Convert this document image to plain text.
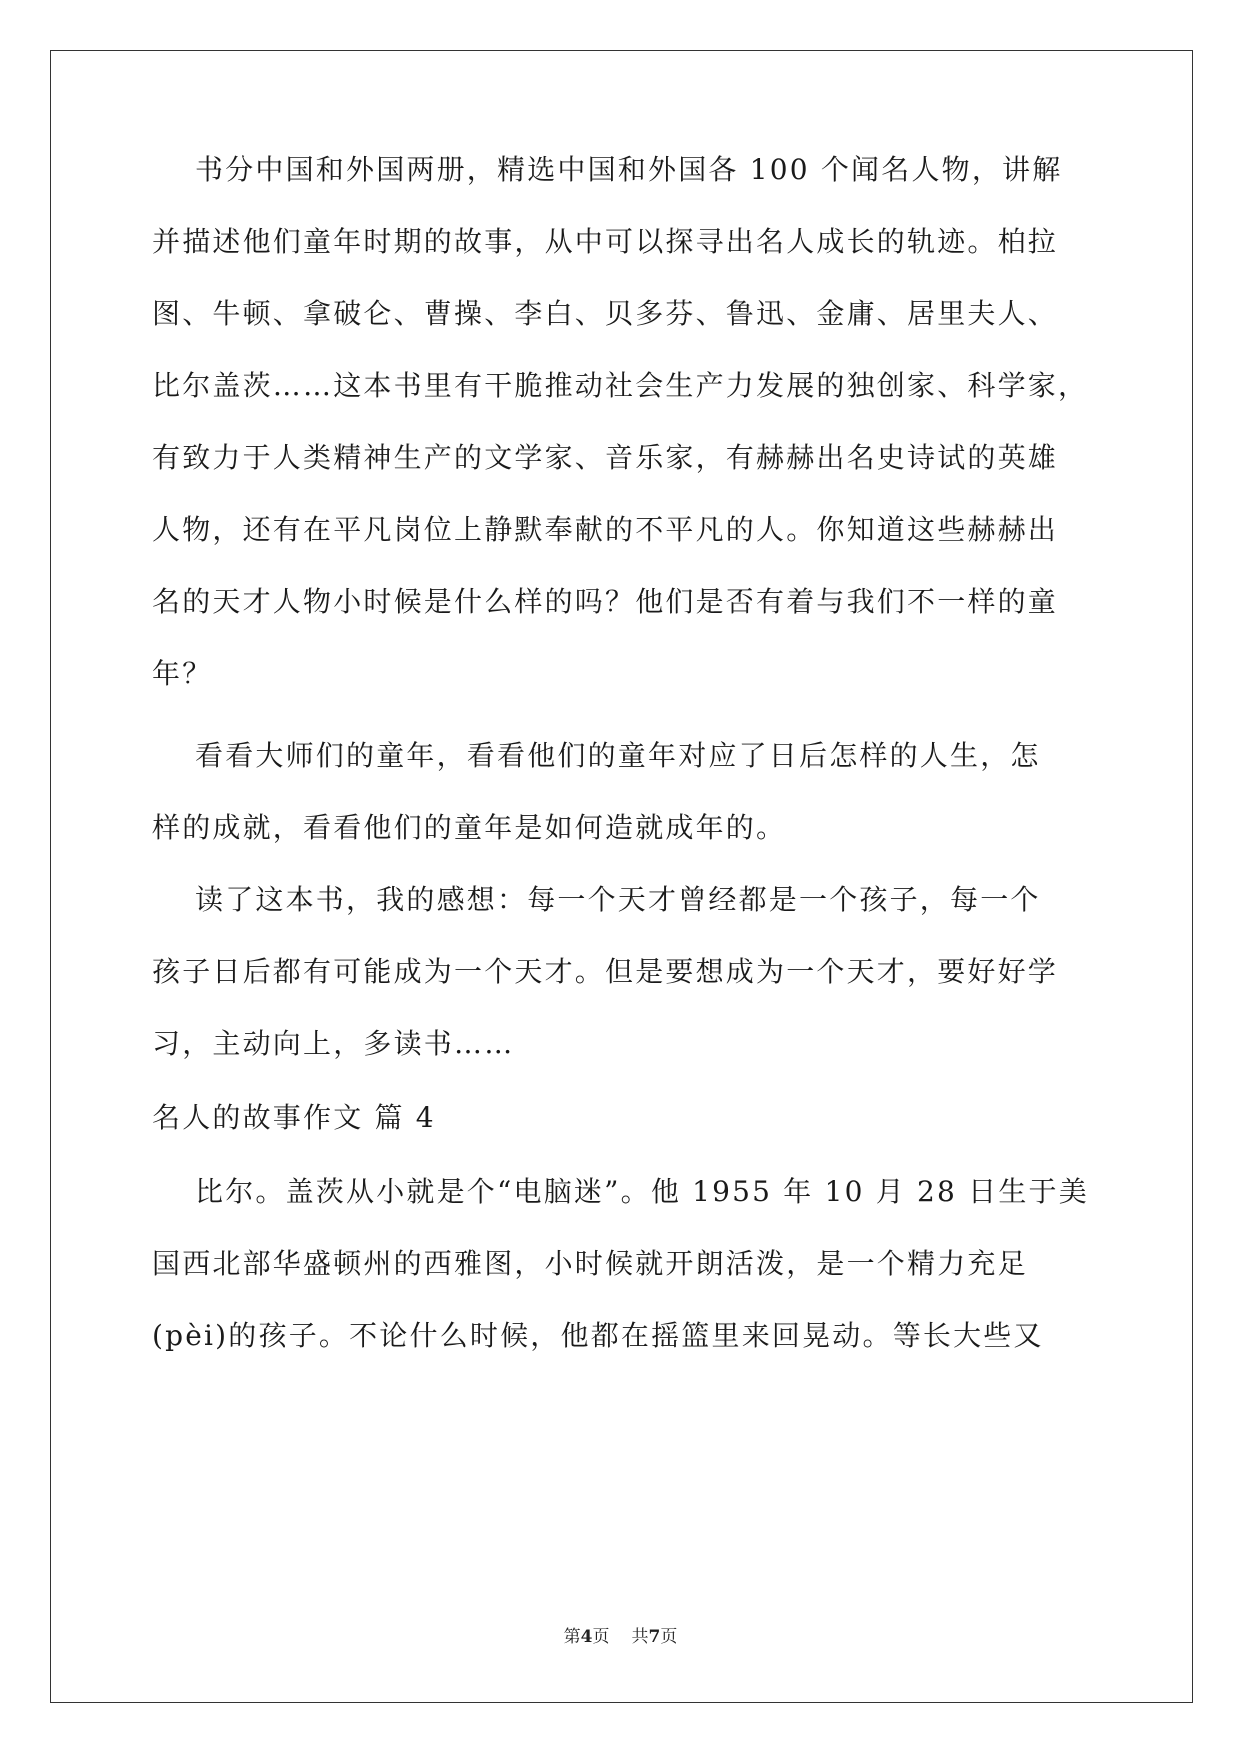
书分中国和外国两册，精选中国和外国各 100 个闻名人物，讲解
并描述他们童年时期的故事，从中可以探寻出名人成长的轨迹。柏拉
图、牛顿、拿破仑、曹操、李白、贝多芬、鲁迅、金庸、居里夫人、
比尔盖茨……这本书里有干脆推动社会生产力发展的独创家、科学家，
有致力于人类精神生产的文学家、音乐家，有赫赫出名史诗试的英雄
人物，还有在平凡岗位上静默奉献的不平凡的人。你知道这些赫赫出
名的天才人物小时候是什么样的吗？他们是否有着与我们不一样的童
年？
看看大师们的童年，看看他们的童年对应了日后怎样的人生，怎
样的成就，看看他们的童年是如何造就成年的。
读了这本书，我的感想：每一个天才曾经都是一个孩子，每一个
孩子日后都有可能成为一个天才。但是要想成为一个天才，要好好学
习，主动向上，多读书……
名人的故事作文 篇 4
比尔。盖茨从小就是个“电脑迷”。他 1955 年 10 月 28 日生于美
国西北部华盛顿州的西雅图，小时候就开朗活泼，是一个精力充足
(pèi)的孩子。不论什么时候，他都在摇篮里来回晃动。等长大些又
第4页 共7页
